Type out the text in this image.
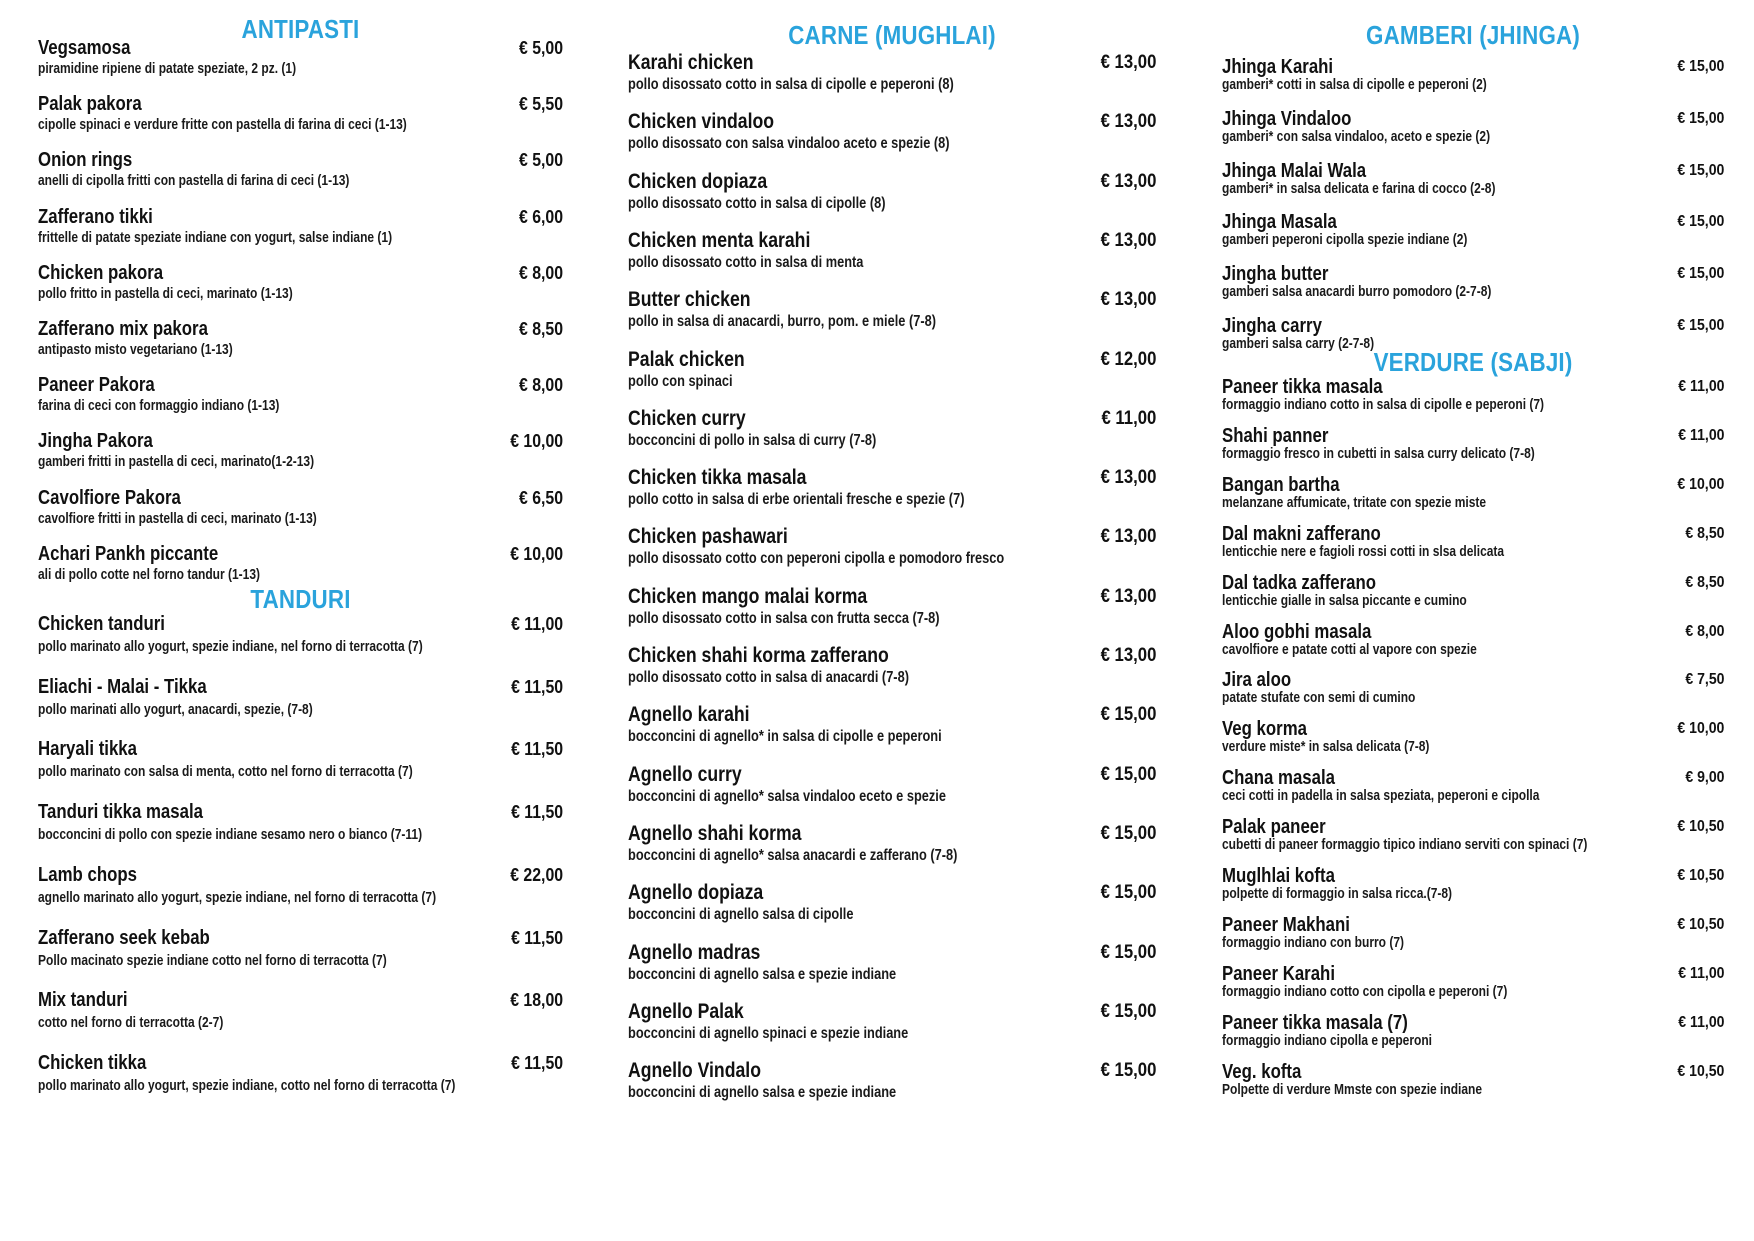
ANTIPASTI
Vegsamosa
piramidine ripiene di patate speziate, 2 pz. (1)
€ 5,00
Palak pakora
cipolle spinaci e verdure fritte con pastella di farina di ceci (1-13)
€ 5,50
Onion rings
anelli di cipolla fritti con pastella di farina di ceci (1-13)
€ 5,00
Zafferano tikki
frittelle di patate speziate indiane con yogurt, salse indiane (1)
€ 6,00
Chicken pakora
pollo fritto in pastella di ceci, marinato (1-13)
€ 8,00
Zafferano mix pakora
antipasto misto vegetariano (1-13)
€ 8,50
Paneer Pakora
farina di ceci con formaggio indiano (1-13)
€ 8,00
Jingha Pakora
gamberi fritti in pastella di ceci, marinato(1-2-13)
€ 10,00
Cavolfiore Pakora
cavolfiore fritti in pastella di ceci, marinato (1-13)
€ 6,50
Achari Pankh piccante
ali di pollo cotte nel forno tandur (1-13)
€ 10,00
TANDURI
Chicken tanduri
pollo marinato allo yogurt, spezie indiane, nel forno di terracotta (7)
€ 11,00
Eliachi - Malai - Tikka
pollo marinati allo yogurt, anacardi, spezie, (7-8)
€ 11,50
Haryali tikka
pollo marinato con salsa di menta, cotto nel forno di terracotta (7)
€ 11,50
Tanduri tikka masala
bocconcini di pollo con spezie indiane sesamo nero o bianco (7-11)
€ 11,50
Lamb chops
agnello marinato allo yogurt, spezie indiane, nel forno di terracotta (7)
€ 22,00
Zafferano seek kebab
Pollo macinato spezie indiane cotto nel forno di terracotta (7)
€ 11,50
Mix tanduri
cotto nel forno di terracotta (2-7)
€ 18,00
Chicken tikka
pollo marinato allo yogurt, spezie indiane, cotto nel forno di terracotta (7)
€ 11,50
CARNE (MUGHLAI)
Karahi chicken
pollo disossato cotto in salsa di cipolle e peperoni (8)
€ 13,00
Chicken vindaloo
pollo disossato con salsa vindaloo aceto e spezie (8)
€ 13,00
Chicken dopiaza
pollo disossato cotto in salsa di cipolle (8)
€ 13,00
Chicken menta karahi
pollo disossato cotto in salsa di menta
€ 13,00
Butter chicken
pollo in salsa di anacardi, burro, pom. e miele (7-8)
€ 13,00
Palak chicken
pollo con spinaci
€ 12,00
Chicken curry
bocconcini di pollo in salsa di curry (7-8)
€ 11,00
Chicken tikka masala
pollo cotto in salsa di erbe orientali fresche e spezie (7)
€ 13,00
Chicken pashawari
pollo disossato cotto con peperoni cipolla e pomodoro fresco
€ 13,00
Chicken mango malai korma
pollo disossato cotto in salsa con frutta secca (7-8)
€ 13,00
Chicken shahi korma zafferano
pollo disossato cotto in salsa di anacardi (7-8)
€ 13,00
Agnello karahi
bocconcini di agnello* in salsa di cipolle e peperoni
€ 15,00
Agnello curry
bocconcini di agnello* salsa vindaloo eceto e spezie
€ 15,00
Agnello shahi korma
bocconcini di agnello* salsa anacardi e zafferano (7-8)
€ 15,00
Agnello dopiaza
bocconcini di agnello salsa di cipolle
€ 15,00
Agnello madras
bocconcini di agnello salsa e spezie indiane
€ 15,00
Agnello Palak
bocconcini di agnello spinaci e spezie indiane
€ 15,00
Agnello Vindalo
bocconcini di agnello salsa e spezie indiane
€ 15,00
GAMBERI (JHINGA)
Jhinga Karahi
gamberi* cotti in salsa di cipolle e peperoni (2)
€ 15,00
Jhinga Vindaloo
gamberi* con salsa vindaloo, aceto e spezie (2)
€ 15,00
Jhinga Malai Wala
gamberi* in salsa delicata e farina di cocco (2-8)
€ 15,00
Jhinga Masala
gamberi peperoni cipolla spezie indiane (2)
€ 15,00
Jingha butter
gamberi salsa anacardi burro pomodoro (2-7-8)
€ 15,00
Jingha carry
gamberi salsa carry (2-7-8)
€ 15,00
VERDURE (SABJI)
Paneer tikka masala
formaggio indiano cotto in salsa di cipolle e peperoni (7)
€ 11,00
Shahi panner
formaggio fresco in cubetti in salsa curry delicato (7-8)
€ 11,00
Bangan bartha
melanzane affumicate, tritate con spezie miste
€ 10,00
Dal makni zafferano
lenticchie nere e fagioli rossi cotti in slsa delicata
€ 8,50
Dal tadka zafferano
lenticchie gialle in salsa piccante e cumino
€ 8,50
Aloo gobhi masala
cavolfiore e patate cotti al vapore con spezie
€ 8,00
Jira aloo
patate stufate con semi di cumino
€ 7,50
Veg korma
verdure miste* in salsa delicata (7-8)
€ 10,00
Chana masala
ceci cotti in padella in salsa speziata, peperoni e cipolla
€ 9,00
Palak paneer
cubetti di paneer formaggio tipico indiano serviti con spinaci (7)
€ 10,50
Muglhlai kofta
polpette di formaggio in salsa ricca.(7-8)
€ 10,50
Paneer Makhani
formaggio indiano con burro (7)
€ 10,50
Paneer Karahi
formaggio indiano cotto con cipolla e peperoni (7)
€ 11,00
Paneer tikka masala (7)
formaggio indiano cipolla e peperoni
€ 11,00
Veg. kofta
Polpette di verdure Mmste con spezie indiane
€ 10,50
